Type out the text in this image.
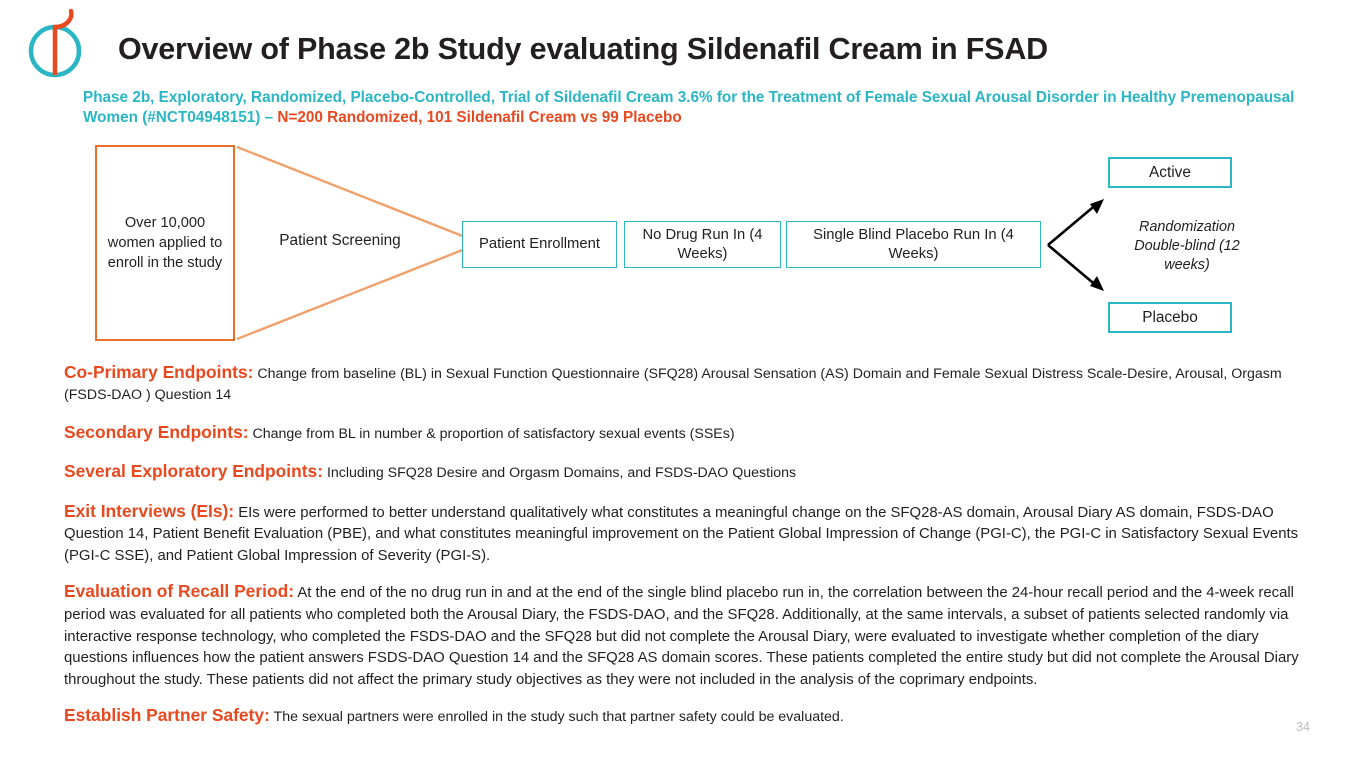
Overview of Phase 2b Study evaluating Sildenafil Cream in FSAD
Phase 2b, Exploratory, Randomized, Placebo-Controlled, Trial of Sildenafil Cream 3.6% for the Treatment of Female Sexual Arousal Disorder in Healthy Premenopausal Women (#NCT04948151) – N=200 Randomized, 101 Sildenafil Cream vs 99 Placebo
Over 10,000 women applied to enroll in the study
Patient Screening	Patient Enrollment
No Drug Run In (4 Weeks)
Single Blind Placebo Run In (4 Weeks)
Active
Placebo
Randomization Double-blind (12 weeks)
Co-Primary Endpoints: Change from baseline (BL) in Sexual Function Questionnaire (SFQ28) Arousal Sensation (AS) Domain and Female Sexual Distress Scale-Desire, Arousal, Orgasm (FSDS-DAO ) Question 14
Secondary Endpoints: Change from BL in number & proportion of satisfactory sexual events (SSEs)
Several Exploratory Endpoints: Including SFQ28 Desire and Orgasm Domains, and FSDS-DAO Questions
Exit Interviews (EIs): EIs were performed to better understand qualitatively what constitutes a meaningful change on the SFQ28-AS domain, Arousal Diary AS domain, FSDS-DAO Question 14, Patient Benefit Evaluation (PBE), and what constitutes meaningful improvement on the Patient Global Impression of Change (PGI-C), the PGI-C in Satisfactory Sexual Events (PGI-C SSE), and Patient Global Impression of Severity (PGI-S).
Evaluation of Recall Period: At the end of the no drug run in and at the end of the single blind placebo run in, the correlation between the 24-hour recall period and the 4-week recall period was evaluated for all patients who completed both the Arousal Diary, the FSDS-DAO, and the SFQ28. Additionally, at the same intervals, a subset of patients selected randomly via interactive response technology, who completed the FSDS-DAO and the SFQ28 but did not complete the Arousal Diary, were evaluated to investigate whether completion of the diary questions influences how the patient answers FSDS-DAO Question 14 and the SFQ28 AS domain scores. These patients completed the entire study but did not complete the Arousal Diary throughout the study. These patients did not affect the primary study objectives as they were not included in the analysis of the coprimary endpoints.
Establish Partner Safety: The sexual partners were enrolled in the study such that partner safety could be evaluated.
34
